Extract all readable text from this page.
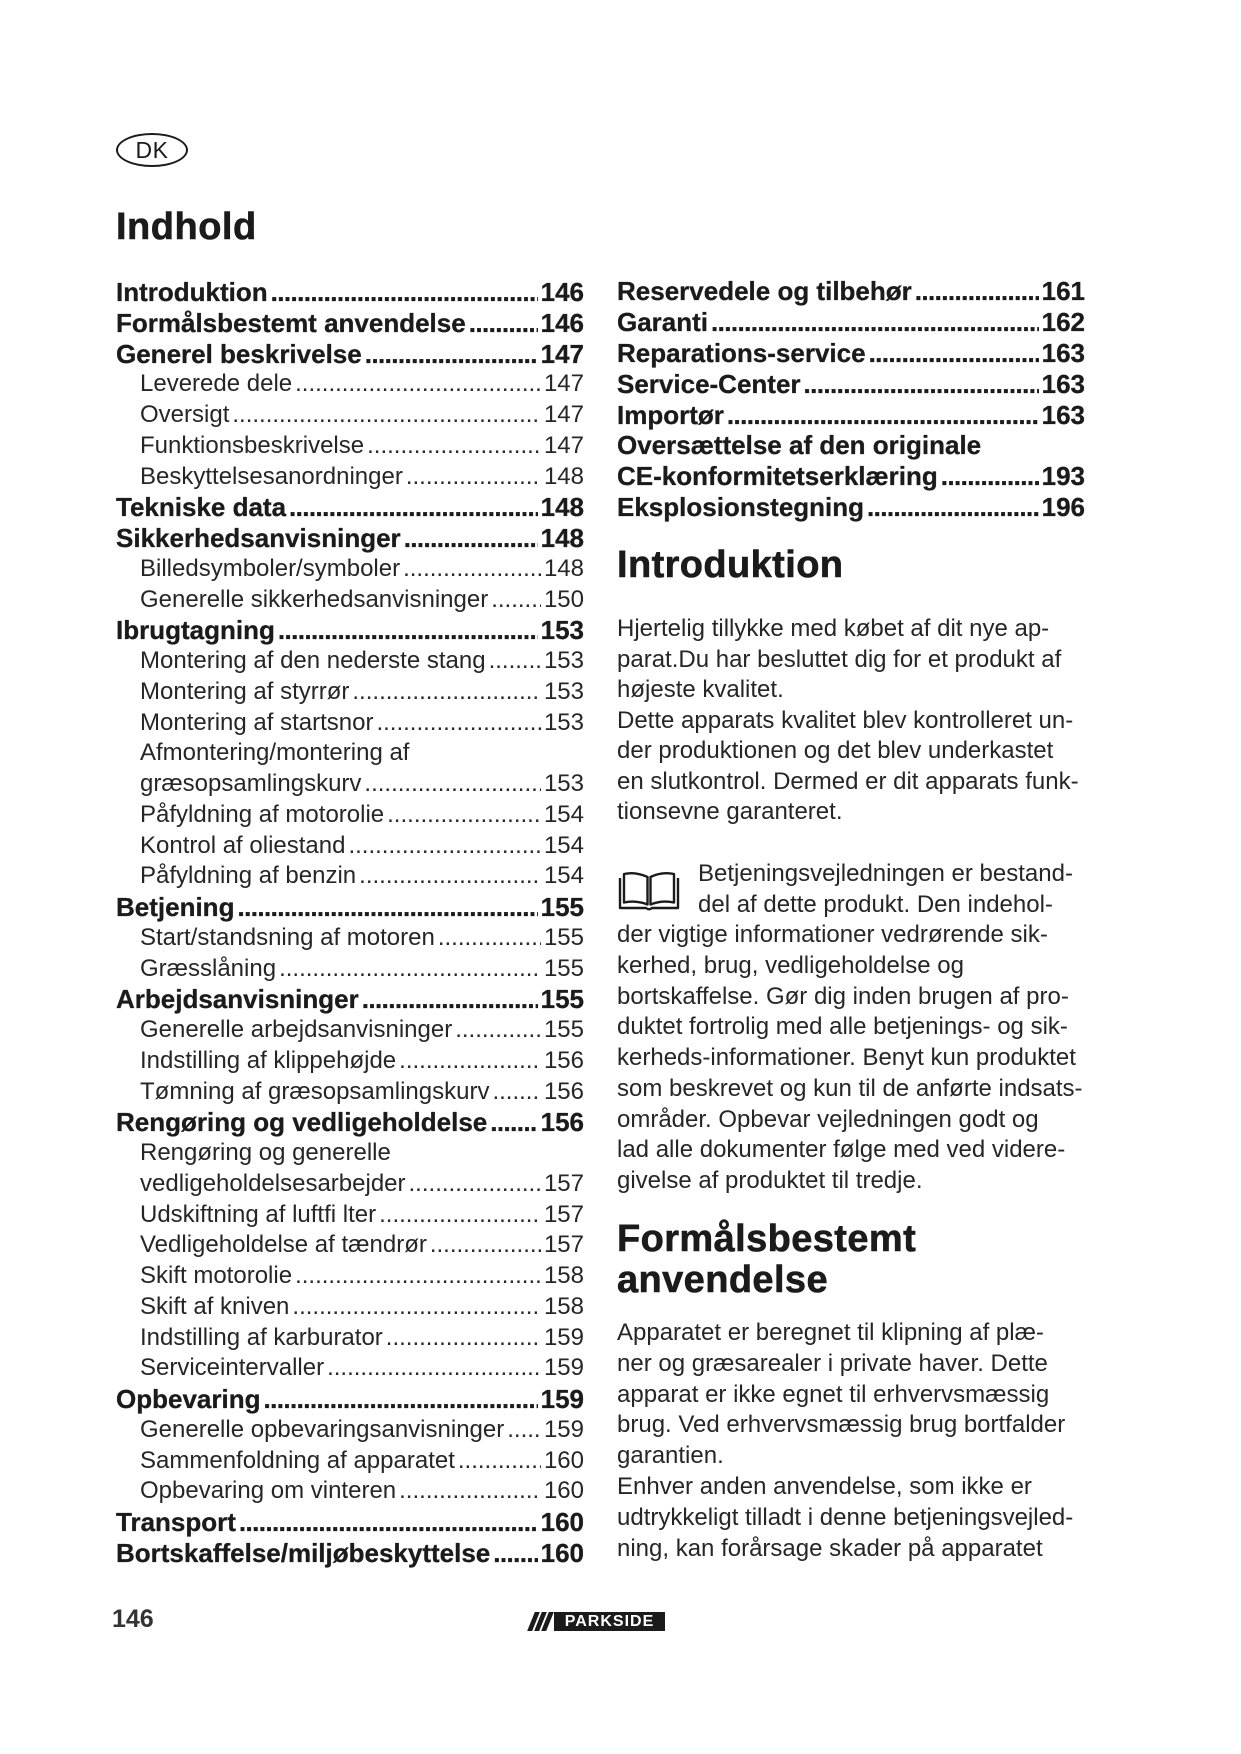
DK
Indhold
Introduktion .....	146
Formålsbestemt anvendelse .....	146
Generel beskrivelse .....	147
Leverede dele .....	147
Oversigt .....	147
Funktionsbeskrivelse .....	147
Beskyttelsesanordninger .....	148
Tekniske data .....	148
Sikkerhedsanvisninger .....	148
Billedsymboler/symboler .....	148
Generelle sikkerhedsanvisninger ..... 150
Ibrugtagning .....	153
Montering af den nederste stang ..... 153
Montering af styrrør .....	153
Montering af startsnor .....	153
Afmontering/montering af
græsopsamlingskurv .....	153
Påfyldning af motorolie .....	154
Kontrol af oliestand .....	154
Påfyldning af benzin .....	154
Betjening .....	155
Start/standsning af motoren .....	155
Græsslåning .....	155
Arbejdsanvisninger .....	155
Generelle arbejdsanvisninger .....	155
Indstilling af klippehøjde .....	156
Tømning af græsopsamlingskurv ..... 156
Rengøring og vedligeholdelse ..... 156
Rengøring og generelle
vedligeholdelsesarbejder .....	157
Udskiftning af luftfi lter .....	157
Vedligeholdelse af tændrør .....	157
Skift motorolie .....	158
Skift af kniven .....	158
Indstilling af karburator .....	159
Serviceintervaller .....	159
Opbevaring .....	159
Generelle opbevaringsanvisninger ..... 159
Sammenfoldning af apparatet .....	160
Opbevaring om vinteren .....	160
Transport .....	160
Bortskaffelse/miljøbeskyttelse ..... 160
Reservedele og tilbehør .....	161
Garanti .....	162
Reparations-service .....	163
Service-Center .....	163
Importør .....	163
Oversættelse af den originale
CE-konformitetserklæring .....	193
Eksplosionstegning .....	196
Introduktion
Hjertelig tillykke med købet af dit nye ap-
parat.Du har besluttet dig for et produkt af
højeste kvalitet.
Dette apparats kvalitet blev kontrolleret un-
der produktionen og det blev underkastet
en slutkontrol. Dermed er dit apparats funk-
tionsevne garanteret.
Betjeningsvejledningen er bestand-
del af dette produkt. Den indehol-
der vigtige informationer vedrørende sik-
kerhed, brug, vedligeholdelse og
bortskaffelse. Gør dig inden brugen af pro-
duktet fortrolig med alle betjenings- og sik-
kerheds-informationer. Benyt kun produktet
som beskrevet og kun til de anførte indsats-
områder. Opbevar vejledningen godt og
lad alle dokumenter følge med ved videre-
givelse af produktet til tredje.
Formålsbestemt
anvendelse
Apparatet er beregnet til klipning af plæ-
ner og græsarealer i private haver. Dette
apparat er ikke egnet til erhvervsmæssig
brug. Ved erhvervsmæssig brug bortfalder
garantien.
Enhver anden anvendelse, som ikke er
udtrykkeligt tilladt i denne betjeningsvejled-
ning, kan forårsage skader på apparatet
146	PARKSIDE
